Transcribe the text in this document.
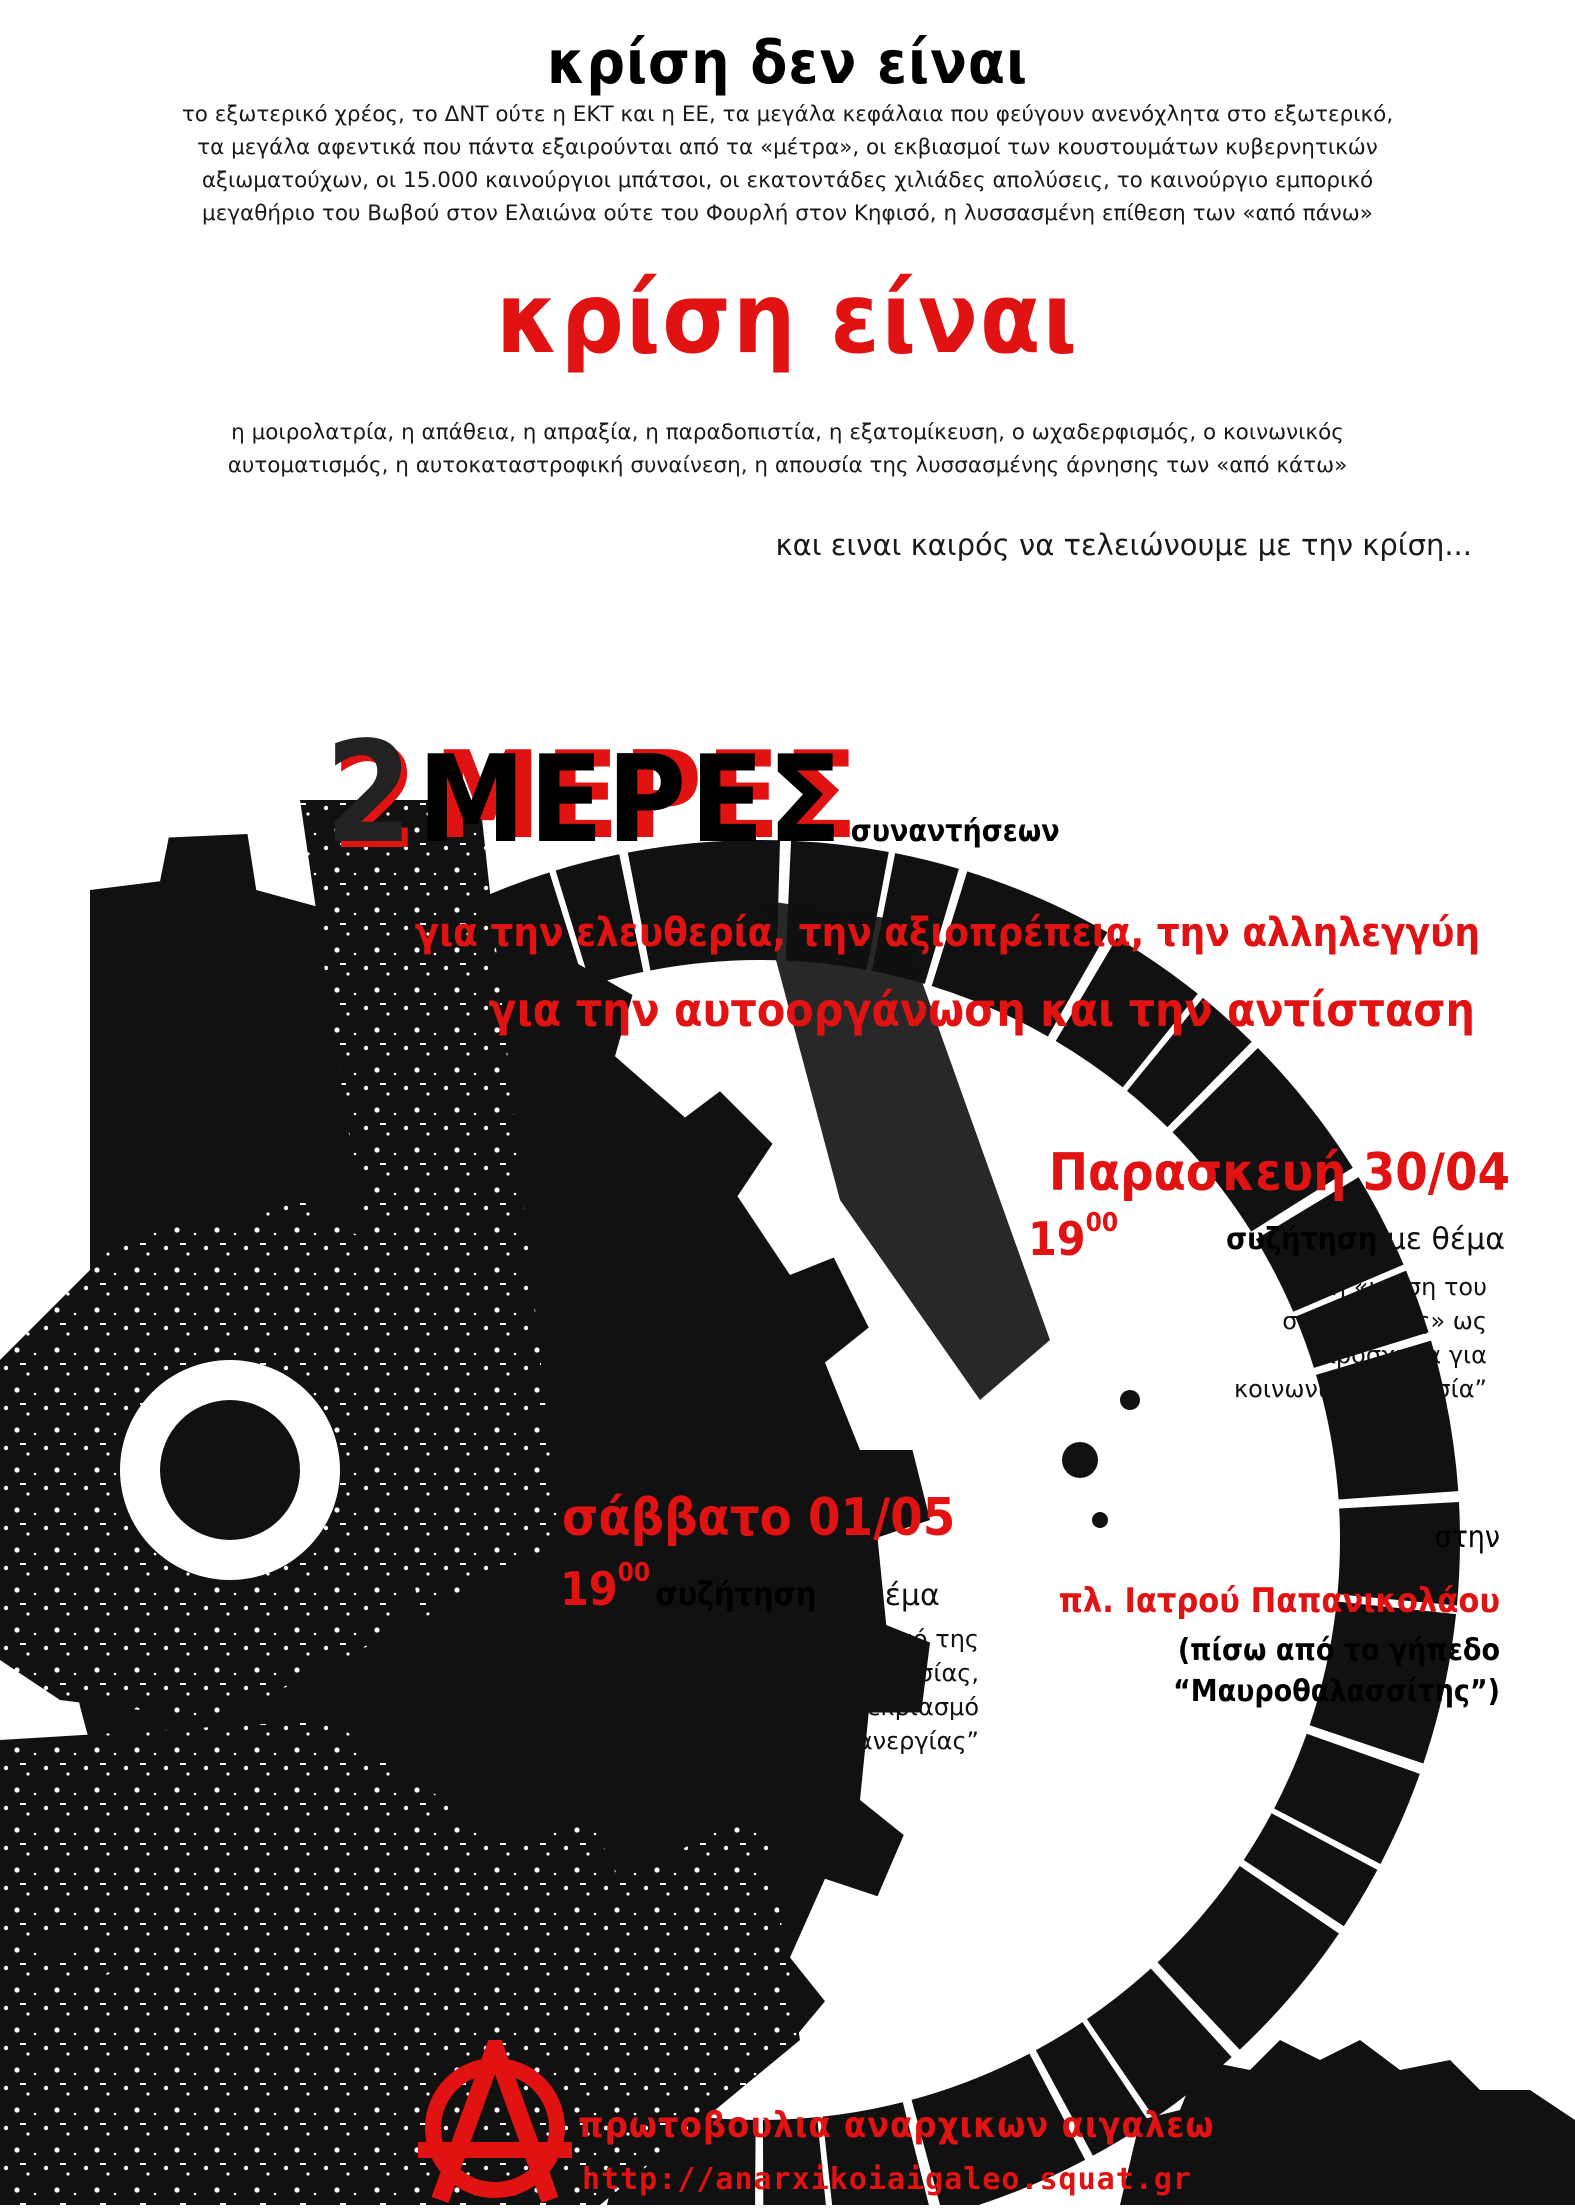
κρίση δεν είναι
το εξωτερικό χρέος, το ΔΝΤ ούτε η ΕΚΤ και η ΕΕ, τα μεγάλα κεφάλαια που φεύγουν ανενόχλητα στο εξωτερικό,
τα μεγάλα αφεντικά που πάντα εξαιρούνται από τα «μέτρα», οι εκβιασμοί των κουστουμάτων κυβερνητικών
αξιωματούχων, οι 15.000 καινούργιοι μπάτσοι, οι εκατοντάδες χιλιάδες απολύσεις, το καινούργιο εμπορικό
μεγαθήριο του Βωβού στον Ελαιώνα ούτε του Φουρλή στον Κηφισό, η λυσσασμένη επίθεση των «από πάνω»
κρίση είναι
η μοιρολατρία, η απάθεια, η απραξία, η παραδοπιστία, η εξατομίκευση, ο ωχαδερφισμός, ο κοινωνικός
αυτοματισμός, η αυτοκαταστροφική συναίνεση, η απουσία της λυσσασμένης άρνησης των «από κάτω»
και ειναι καιρός να τελειώνουμε με την κρίση...
2 ΜΕΡΕΣ συναντήσεων
για την ελευθερία, την αξιοπρέπεια, την αλληλεγγύη
για την αυτοοργάνωση και την αντίσταση
Παρασκευή 30/04
$19^{00}$	συζήτηση με θέμα
“η «κρίση του
συστήματος» ως
πρόσχημα για
κοινωνική λεηλασία”
σάββατο 01/05
$19^{00}$ συζήτηση με θέμα
“από τον εκβιασμό της
μισθωτής εργασίας,
στον διπλό εκβιασμό
της ανεργίας”
στην
πλ. Ιατρού Παπανικολάου
(πίσω από το γήπεδο
“Μαυροθαλασσίτης”)
πρωτοβουλια αναρχικων αιγαλεω
http://anarxikoiaigaleo.squat.gr
